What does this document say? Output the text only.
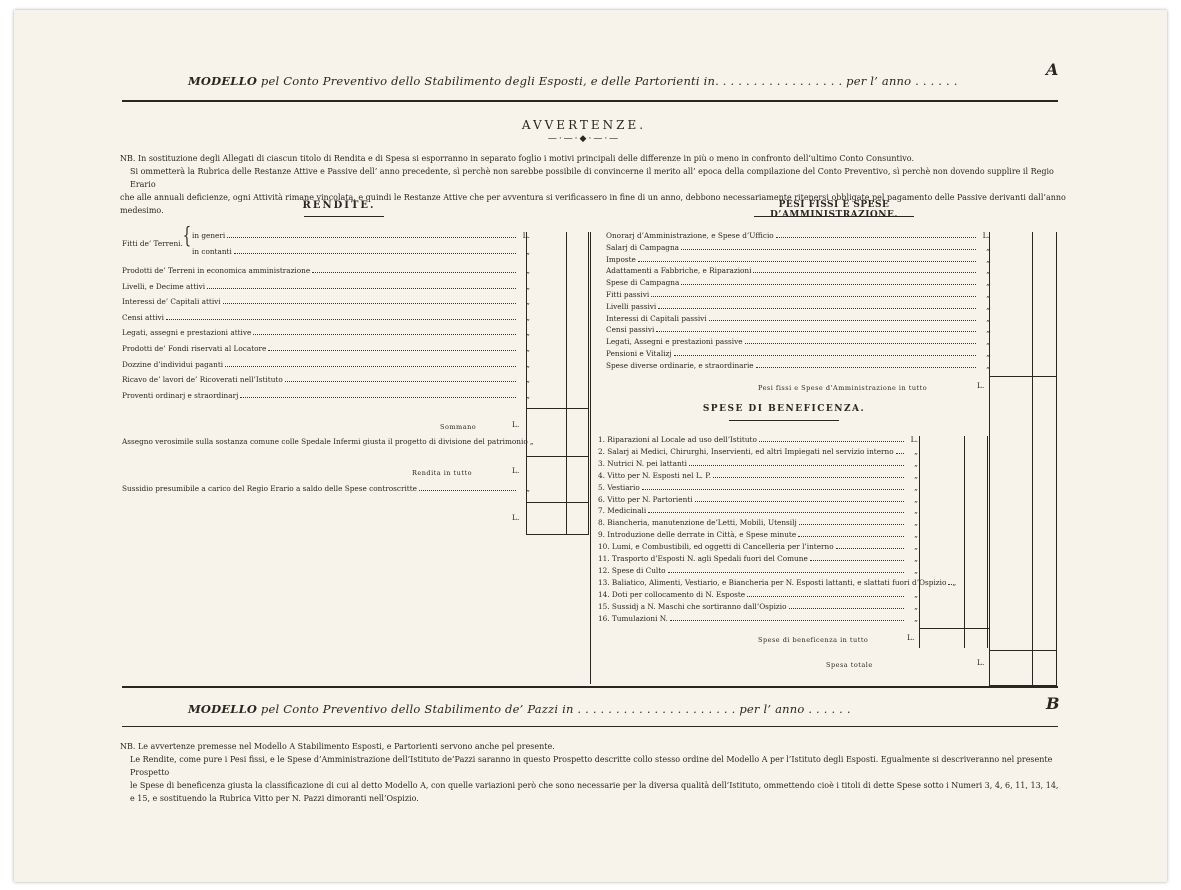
MODELLO pel Conto Preventivo dello Stabilimento degli Esposti, e delle Partorienti in. . . . . . . . . . . . . . . . . per l’ anno . . . . . .
A
AVVERTENZE.
—·—·◆·—·—
NB. In sostituzione degli Allegati di ciascun titolo di Rendita e di Spesa si esporranno in separato foglio i motivi principali delle differenze in più o meno in confronto dell’ultimo Conto Consuntivo.
Si ommetterà la Rubrica delle Restanze Attive e Passive dell’ anno precedente, sì perchè non sarebbe possibile di convincerne il merito all’ epoca della compilazione del Conto Preventivo, sì perchè non dovendo supplire il Regio Erario
che alle annuali deficienze, ogni Attività rimane vincolata, e quindi le Restanze Attive che per avventura si verificassero in fine di un anno, debbono necessariamente ritenersi obbligate pel pagamento delle Passive derivanti dall’anno medesimo.	RENDITE.
{
Fitti de’ Terreni.
in generi	L.
in contanti	„
Prodotti de’ Terreni in economica amministrazione	„
Livelli, e Decime attivi	„
Interessi de’ Capitali attivi	„
Censi attivi	„
Legati, assegni e prestazioni attive	„
Prodotti de’ Fondi riservati al Locatore	„
Dozzine d’individui paganti	„
Ricavo de’ lavori de’ Ricoverati nell’Istituto	„
Proventi ordinarj e straordinarj	„
Sommano	L.
Assegno verosimile sulla sostanza comune colle Spedale Infermi giusta il progetto di divisione del patrimonio „
Rendita in tutto	L.
Sussidio presumibile a carico del Regio Erario a saldo delle Spese controscritte	„
L.
PESI FISSI E SPESE D’AMMINISTRAZIONE.
Onorarj d’Amministrazione, e Spese d’Ufficio	L.
Salarj di Campagna	„
Imposte	„
Adattamenti a Fabbriche, e Riparazioni	„
Spese di Campagna	„
Fitti passivi	„
Livelli passivi	„
Interessi di Capitali passivi	„
Censi passivi	„
Legati, Assegni e prestazioni passive	„
Pensioni e Vitalizj	„
Spese diverse ordinarie, e straordinarie	„
Pesi fissi e Spese d’Amministrazione in tutto	L.
SPESE DI BENEFICENZA.
1. Riparazioni al Locale ad uso dell’Istituto	L.
2. Salarj ai Medici, Chirurghi, Inservienti, ed altri Impiegati nel servizio interno	„
3. Nutrici N. pei lattanti	„
4. Vitto per N. Esposti nel L. P.	„
5. Vestiario	„
6. Vitto per N. Partorienti	„
7. Medicinali	„
8. Biancheria, manutenzione de’Letti, Mobili, Utensilj	„
9. Introduzione delle derrate in Città, e Spese minute	„
10. Lumi, e Combustibili, ed oggetti di Cancelleria per l’interno	„
11. Trasporto d’Esposti N. agli Spedali fuori del Comune	„
12. Spese di Culto	„
13. Baliatico, Alimenti, Vestiario, e Biancheria per N. Esposti lattanti, e slattati fuori d’Ospizio „
14. Doti per collocamento di N. Esposte	„
15. Sussidj a N. Maschi che sortiranno dall’Ospizio	„
16. Tumulazioni N.	„
Spese di beneficenza in tutto	L.
Spesa totale	L.
MODELLO pel Conto Preventivo dello Stabilimento de’ Pazzi in . . . . . . . . . . . . . . . . . . . . . per l’ anno . . . . . .	B
NB. Le avvertenze premesse nel Modello A Stabilimento Esposti, e Partorienti servono anche pel presente.
Le Rendite, come pure i Pesi fissi, e le Spese d’Amministrazione dell’Istituto de’Pazzi saranno in questo Prospetto descritte collo stesso ordine del Modello A per l’Istituto degli Esposti. Egualmente si descriveranno nel presente Prospetto
le Spese di beneficenza giusta la classificazione di cui al detto Modello A, con quelle variazioni però che sono necessarie per la diversa qualità dell’Istituto, ommettendo cioè i titoli di dette Spese sotto i Numeri 3, 4, 6, 11, 13, 14,
e 15, e sostituendo la Rubrica Vitto per N. Pazzi dimoranti nell’Ospizio.
